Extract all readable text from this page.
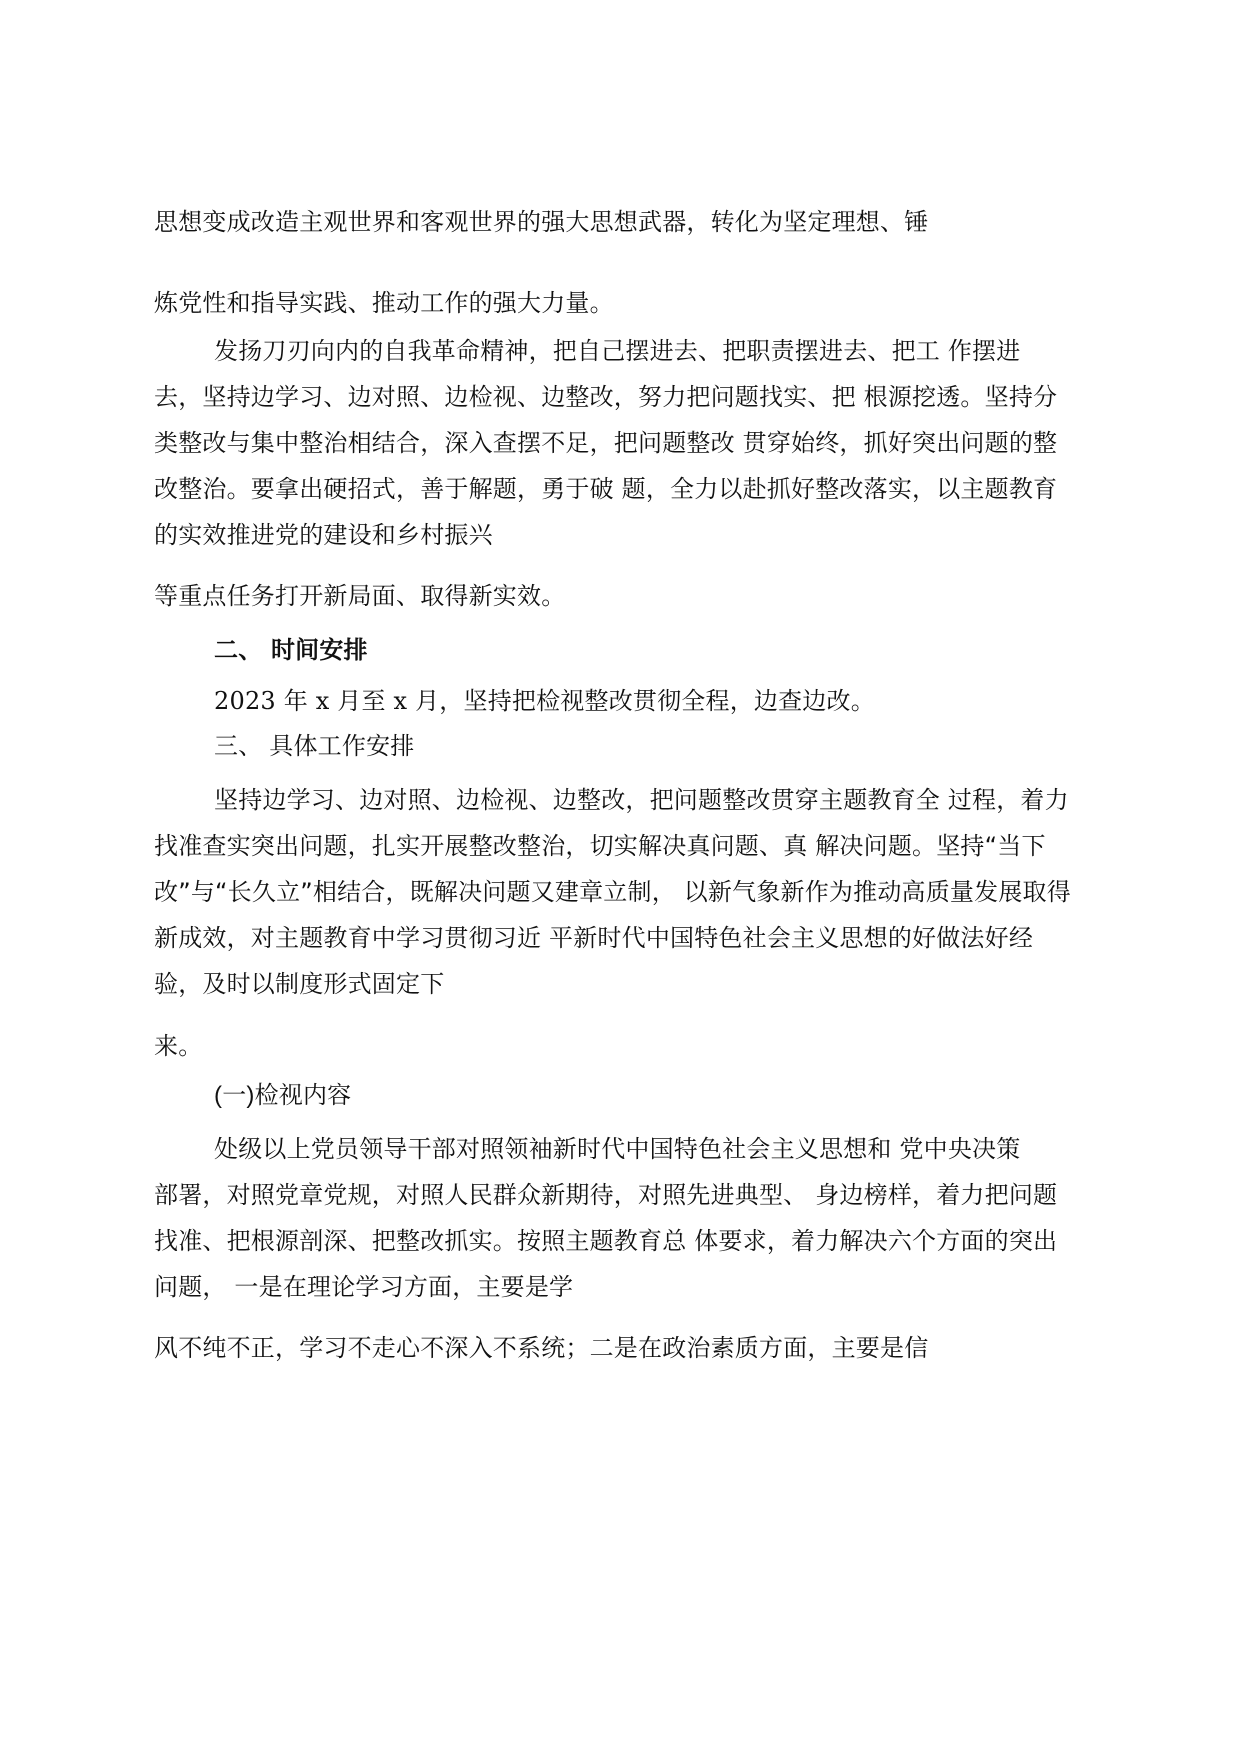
思想变成改造主观世界和客观世界的强大思想武器，转化为坚定理想、锤
炼党性和指导实践、推动工作的强大力量。
发扬刀刃向内的自我革命精神，把自己摆进去、把职责摆进去、把工 作摆进
去，坚持边学习、边对照、边检视、边整改，努力把问题找实、把 根源挖透。坚持分
类整改与集中整治相结合，深入查摆不足，把问题整改 贯穿始终，抓好突出问题的整
改整治。要拿出硬招式，善于解题，勇于破 题，全力以赴抓好整改落实，以主题教育
的实效推进党的建设和乡村振兴
等重点任务打开新局面、取得新实效。
二、 时间安排
2023 年 x 月至 x 月，坚持把检视整改贯彻全程，边查边改。
三、 具体工作安排
坚持边学习、边对照、边检视、边整改，把问题整改贯穿主题教育全 过程，着力
找准查实突出问题，扎实开展整改整治，切实解决真问题、真 解决问题。坚持“当下
改”与“长久立”相结合，既解决问题又建章立制， 以新气象新作为推动高质量发展取得
新成效，对主题教育中学习贯彻习近 平新时代中国特色社会主义思想的好做法好经
验，及时以制度形式固定下
来。
(一)检视内容
处级以上党员领导干部对照领袖新时代中国特色社会主义思想和 党中央决策
部署，对照党章党规，对照人民群众新期待，对照先进典型、 身边榜样，着力把问题
找准、把根源剖深、把整改抓实。按照主题教育总 体要求，着力解决六个方面的突出
问题， 一是在理论学习方面，主要是学
风不纯不正，学习不走心不深入不系统；二是在政治素质方面，主要是信
